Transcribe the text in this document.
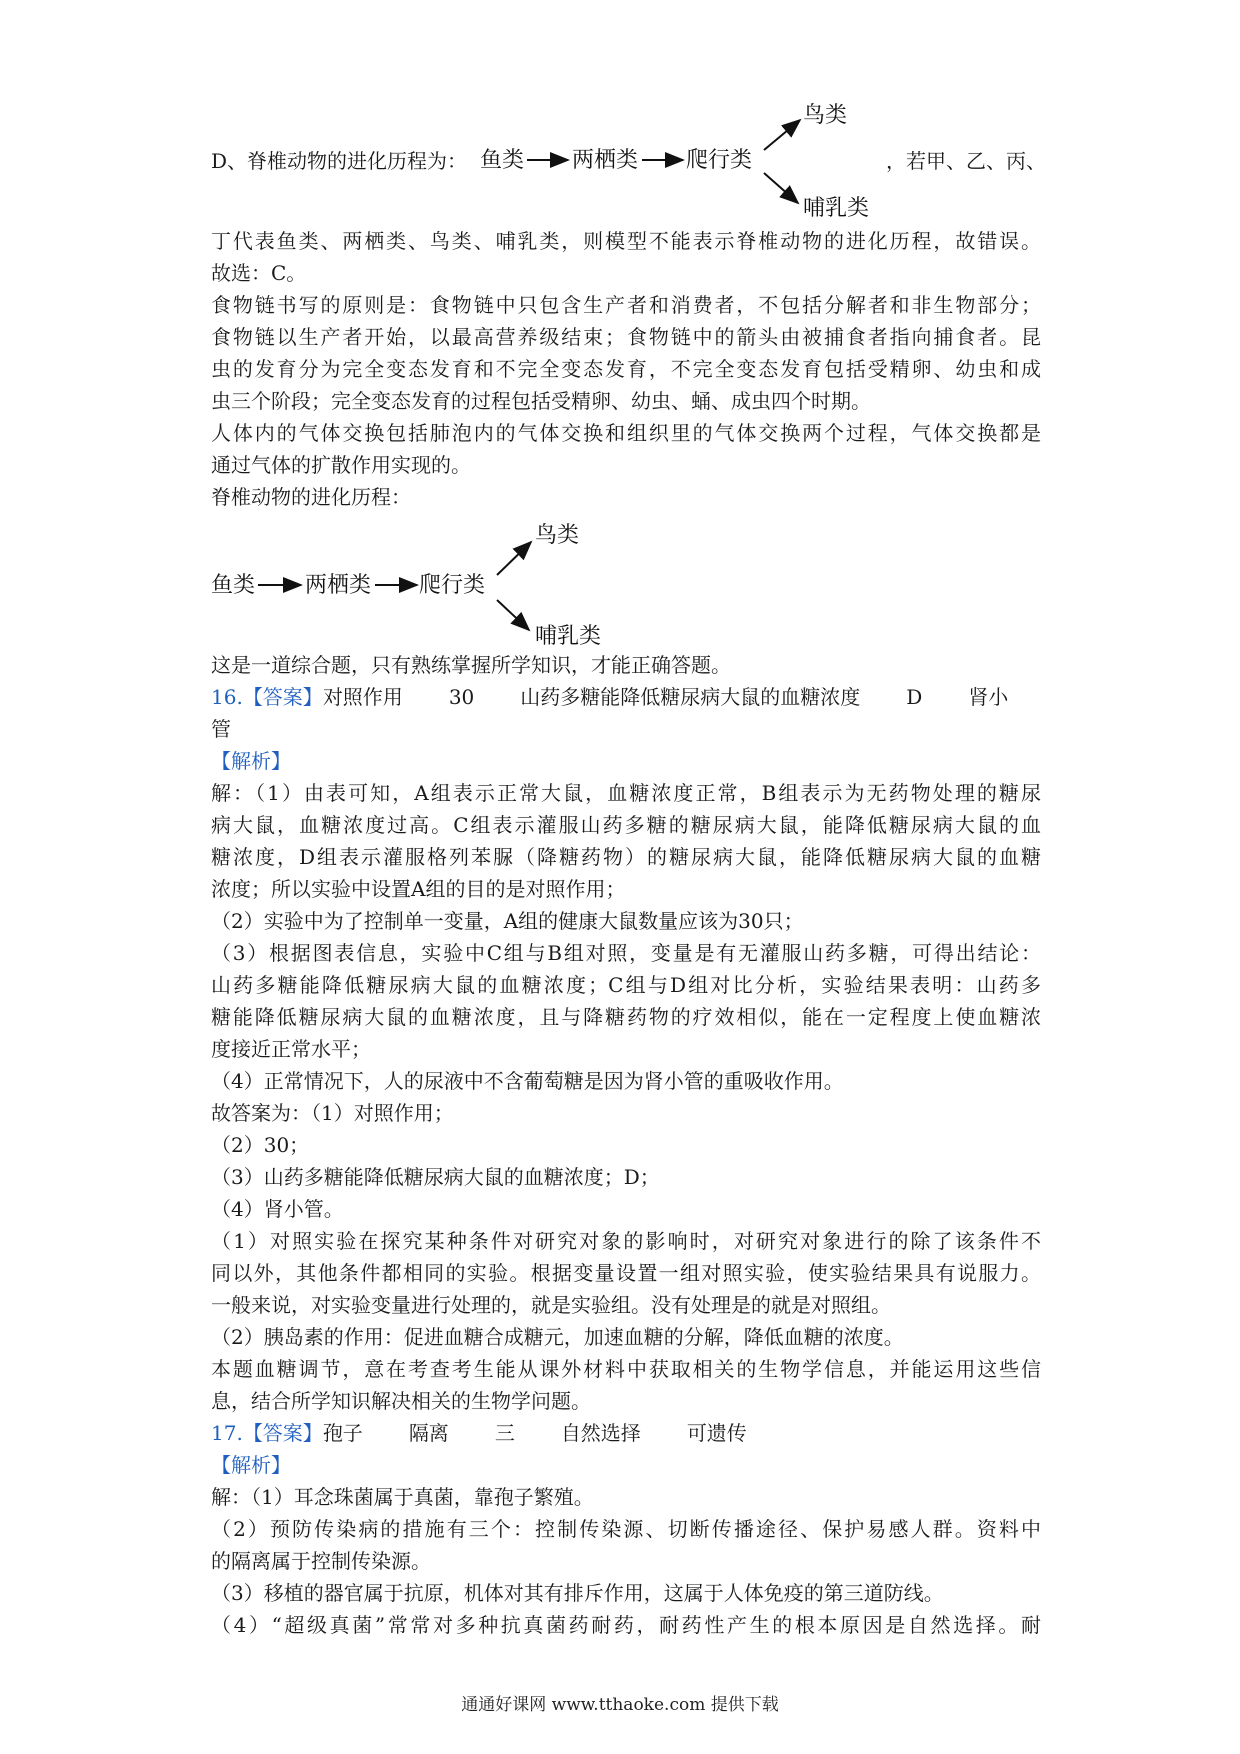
D、脊椎动物的进化历程为： 鱼类 两栖类 爬行类
鸟类
哺乳类
，若甲、乙、丙、
丁代表鱼类、两栖类、鸟类、哺乳类，则模型不能表示脊椎动物的进化历程，故错误。
故选：C。
食物链书写的原则是：食物链中只包含生产者和消费者，不包括分解者和非生物部分；
食物链以生产者开始，以最高营养级结束；食物链中的箭头由被捕食者指向捕食者。昆
虫的发育分为完全变态发育和不完全变态发育，不完全变态发育包括受精卵、幼虫和成
虫三个阶段；完全变态发育的过程包括受精卵、幼虫、蛹、成虫四个时期。
人体内的气体交换包括肺泡内的气体交换和组织里的气体交换两个过程，气体交换都是
通过气体的扩散作用实现的。
脊椎动物的进化历程：
鱼类 两栖类 爬行类
鸟类
哺乳类
这是一道综合题，只有熟练掌握所学知识，才能正确答题。
16.【答案】对照作用 30 山药多糖能降低糖尿病大鼠的血糖浓度 D 肾小
管
【解析】
解：（1）由表可知，A组表示正常大鼠，血糖浓度正常，B组表示为无药物处理的糖尿
病大鼠，血糖浓度过高。C组表示灌服山药多糖的糖尿病大鼠，能降低糖尿病大鼠的血
糖浓度，D组表示灌服格列苯脲（降糖药物）的糖尿病大鼠，能降低糖尿病大鼠的血糖
浓度；所以实验中设置A组的目的是对照作用；
（2）实验中为了控制单一变量，A组的健康大鼠数量应该为30只；
（3）根据图表信息，实验中C组与B组对照，变量是有无灌服山药多糖，可得出结论：
山药多糖能降低糖尿病大鼠的血糖浓度；C组与D组对比分析，实验结果表明：山药多
糖能降低糖尿病大鼠的血糖浓度，且与降糖药物的疗效相似，能在一定程度上使血糖浓
度接近正常水平；
（4）正常情况下，人的尿液中不含葡萄糖是因为肾小管的重吸收作用。
故答案为：（1）对照作用；
（2）30；
（3）山药多糖能降低糖尿病大鼠的血糖浓度；D；
（4）肾小管。
（1）对照实验在探究某种条件对研究对象的影响时，对研究对象进行的除了该条件不
同以外，其他条件都相同的实验。根据变量设置一组对照实验，使实验结果具有说服力。
一般来说，对实验变量进行处理的，就是实验组。没有处理是的就是对照组。
（2）胰岛素的作用：促进血糖合成糖元，加速血糖的分解，降低血糖的浓度。
本题血糖调节，意在考查考生能从课外材料中获取相关的生物学信息，并能运用这些信
息，结合所学知识解决相关的生物学问题。
17.【答案】孢子 隔离 三 自然选择 可遗传
【解析】
解：（1）耳念珠菌属于真菌，靠孢子繁殖。
（2）预防传染病的措施有三个：控制传染源、切断传播途径、保护易感人群。资料中
的隔离属于控制传染源。
（3）移植的器官属于抗原，机体对其有排斥作用，这属于人体免疫的第三道防线。
（4）“超级真菌”常常对多种抗真菌药耐药，耐药性产生的根本原因是自然选择。耐
通通好课网 www.tthaoke.com 提供下载
